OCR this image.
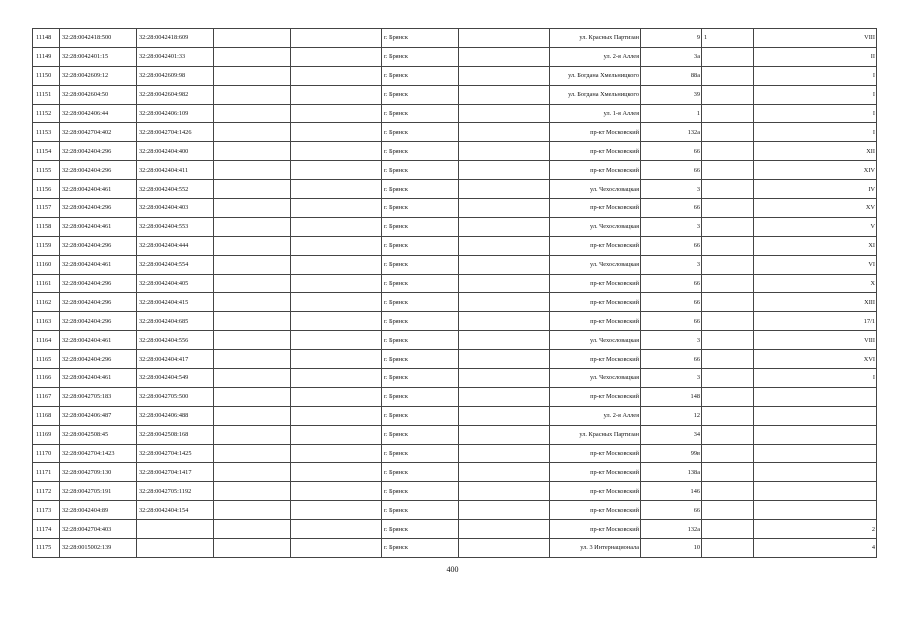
11148	32:28:0042418:500	32:28:0042418:609			г. Брянск		ул. Красных Партизан	9	1	VIII
11149	32:28:0042401:15	32:28:0042401:33			г. Брянск		ул. 2-я Аллея	3а		II
11150	32:28:0042609:12	32:28:0042609:98			г. Брянск		ул. Богдана Хмельницкого	88а		I
11151	32:28:0042604:50	32:28:0042604:982			г. Брянск		ул. Богдана Хмельницкого	39		I
11152	32:28:0042406:44	32:28:0042406:109			г. Брянск		ул. 1-я Аллея	1		I
11153	32:28:0042704:402	32:28:0042704:1426			г. Брянск		пр-кт Московский	132а		I
11154	32:28:0042404:296	32:28:0042404:400			г. Брянск		пр-кт Московский	66		XII
11155	32:28:0042404:296	32:28:0042404:411			г. Брянск		пр-кт Московский	66		XIV
11156	32:28:0042404:461	32:28:0042404:552			г. Брянск		ул. Чехословацкая	3		IV
11157	32:28:0042404:296	32:28:0042404:403			г. Брянск		пр-кт Московский	66		XV
11158	32:28:0042404:461	32:28:0042404:553			г. Брянск		ул. Чехословацкая	3		V
11159	32:28:0042404:296	32:28:0042404:444			г. Брянск		пр-кт Московский	66		XI
11160	32:28:0042404:461	32:28:0042404:554			г. Брянск		ул. Чехословацкая	3		VI
11161	32:28:0042404:296	32:28:0042404:405			г. Брянск		пр-кт Московский	66		X
11162	32:28:0042404:296	32:28:0042404:415			г. Брянск		пр-кт Московский	66		XIII
11163	32:28:0042404:296	32:28:0042404:685			г. Брянск		пр-кт Московский	66		17/1
11164	32:28:0042404:461	32:28:0042404:556			г. Брянск		ул. Чехословацкая	3		VIII
11165	32:28:0042404:296	32:28:0042404:417			г. Брянск		пр-кт Московский	66		XVI
11166	32:28:0042404:461	32:28:0042404:549			г. Брянск		ул. Чехословацкая	3		I
11167	32:28:0042705:183	32:28:0042705:500			г. Брянск		пр-кт Московский	148		
11168	32:28:0042406:487	32:28:0042406:488			г. Брянск		ул. 2-я Аллея	12		
11169	32:28:0042508:45	32:28:0042508:168			г. Брянск		ул. Красных Партизан	34		
11170	32:28:0042704:1423	32:28:0042704:1425			г. Брянск		пр-кт Московский	99в		
11171	32:28:0042709:130	32:28:0042704:1417			г. Брянск		пр-кт Московский	138а		
11172	32:28:0042705:191	32:28:0042705:1192			г. Брянск		пр-кт Московский	146		
11173	32:28:0042404:89	32:28:0042404:154			г. Брянск		пр-кт Московский	66		
11174	32:28:0042704:403				г. Брянск		пр-кт Московский	132а		2
11175	32:28:0015002:139				г. Брянск		ул. 3 Интернационала	10		4
400
